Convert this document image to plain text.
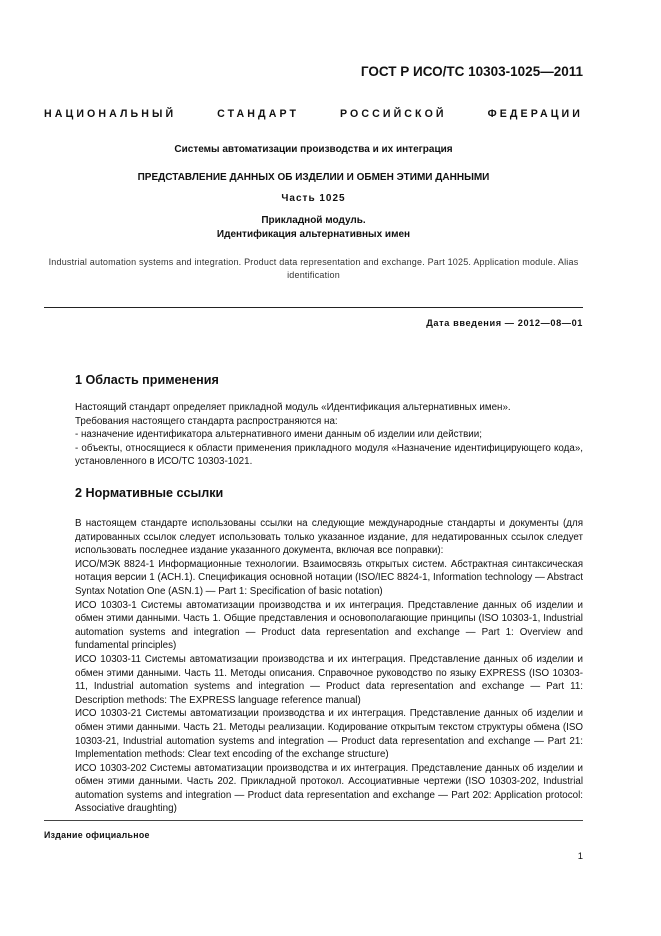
ГОСТ Р ИСО/ТС 10303-1025—2011
НАЦИОНАЛЬНЫЙ	СТАНДАРТ	РОССИЙСКОЙ	ФЕДЕРАЦИИ
Системы автоматизации производства и их интеграция
ПРЕДСТАВЛЕНИЕ ДАННЫХ ОБ ИЗДЕЛИИ И ОБМЕН ЭТИМИ ДАННЫМИ
Часть 1025
Прикладной модуль.
Идентификация альтернативных имен
Industrial automation systems and integration. Product data representation and exchange. Part 1025. Application module. Alias identification
Дата введения — 2012—08—01
1 Область применения

Настоящий стандарт определяет прикладной модуль «Идентификация альтернативных имен».

Требования настоящего стандарта распространяются на:

- назначение идентификатора альтернативного имени данным об изделии или действии;

- объекты, относящиеся к области применения прикладного модуля «Назначение идентифицирующего кода», установленного в ИСО/ТС 10303-1021.

2 Нормативные ссылки

В настоящем стандарте использованы ссылки на следующие международные стандарты и документы (для датированных ссылок следует использовать только указанное издание, для недатированных ссылок следует использовать последнее издание указанного документа, включая все поправки):

ИСО/МЭК 8824-1 Информационные технологии. Взаимосвязь открытых систем. Абстрактная синтаксическая нотация версии 1 (АСН.1). Спецификация основной нотации (ISO/IEC 8824-1, Information technology — Abstract Syntax Notation One (ASN.1) — Part 1: Specification of basic notation)

ИСО 10303-1 Системы автоматизации производства и их интеграция. Представление данных об изделии и обмен этими данными. Часть 1. Общие представления и основополагающие принципы (ISO 10303-1, Industrial automation systems and integration — Product data representation and exchange — Part 1: Overview and fundamental principles)

ИСО 10303-11 Системы автоматизации производства и их интеграция. Представление данных об изделии и обмен этими данными. Часть 11. Методы описания. Справочное руководство по языку EXPRESS (ISO 10303-11, Industrial automation systems and integration — Product data representation and exchange — Part 11: Description methods: The EXPRESS language reference manual)

ИСО 10303-21 Системы автоматизации производства и их интеграция. Представление данных об изделии и обмен этими данными. Часть 21. Методы реализации. Кодирование открытым текстом структуры обмена (ISO 10303-21, Industrial automation systems and integration — Product data representation and exchange — Part 21: Implementation methods: Clear text encoding of the exchange structure)

ИСО 10303-202 Системы автоматизации производства и их интеграция. Представление данных об изделии и обмен этими данными. Часть 202. Прикладной протокол. Ассоциативные чертежи (ISO 10303-202, Industrial automation systems and integration — Product data representation and exchange — Part 202: Application protocol: Associative draughting)

Издание официальное
1
